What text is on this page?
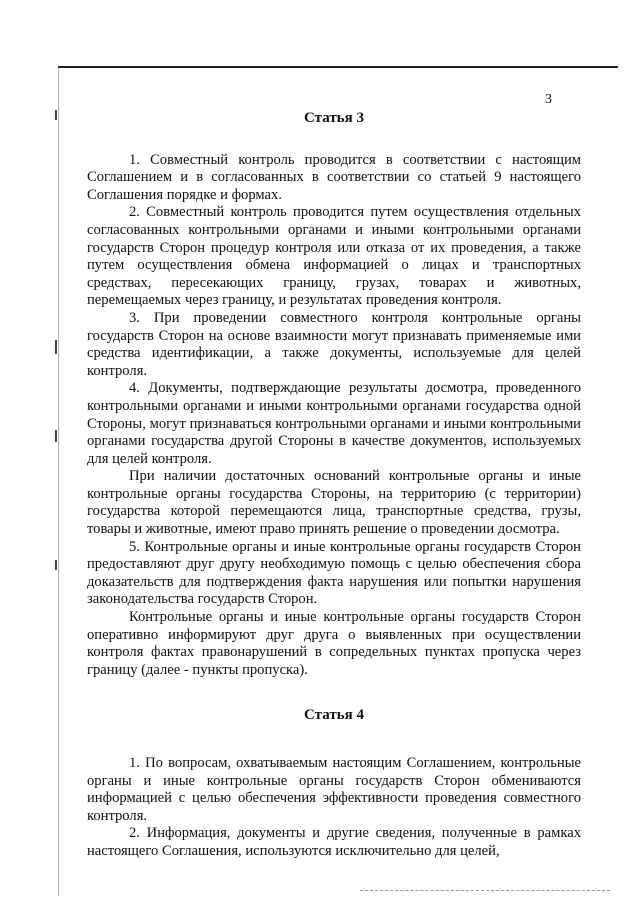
3
Статья 3

1. Совместный контроль проводится в соответствии с настоящим Соглашением и в согласованных в соответствии со статьей 9 настоящего Соглашения порядке и формах.

2. Совместный контроль проводится путем осуществления отдельных согласованных контрольными органами и иными контрольными органами государств Сторон процедур контроля или отказа от их проведения, а также путем осуществления обмена информацией о лицах и транспортных средствах, пересекающих границу, грузах, товарах и животных, перемещаемых через границу, и результатах проведения контроля.

3. При проведении совместного контроля контрольные органы государств Сторон на основе взаимности могут признавать применяемые ими средства идентификации, а также документы, используемые для целей контроля.

4. Документы, подтверждающие результаты досмотра, проведенного контрольными органами и иными контрольными органами государства одной Стороны, могут признаваться контрольными органами и иными контрольными органами государства другой Стороны в качестве документов, используемых для целей контроля.

При наличии достаточных оснований контрольные органы и иные контрольные органы государства Стороны, на территорию (с территории) государства которой перемещаются лица, транспортные средства, грузы, товары и животные, имеют право принять решение о проведении досмотра.

5. Контрольные органы и иные контрольные органы государств Сторон предоставляют друг другу необходимую помощь с целью обеспечения сбора доказательств для подтверждения факта нарушения или попытки нарушения законодательства государств Сторон.

Контрольные органы и иные контрольные органы государств Сторон оперативно информируют друг друга о выявленных при осуществлении контроля фактах правонарушений в сопредельных пунктах пропуска через границу (далее - пункты пропуска).

Статья 4

1. По вопросам, охватываемым настоящим Соглашением, контрольные органы и иные контрольные органы государств Сторон обмениваются информацией с целью обеспечения эффективности проведения совместного контроля.

2. Информация, документы и другие сведения, полученные в рамках настоящего Соглашения, используются исключительно для целей,
